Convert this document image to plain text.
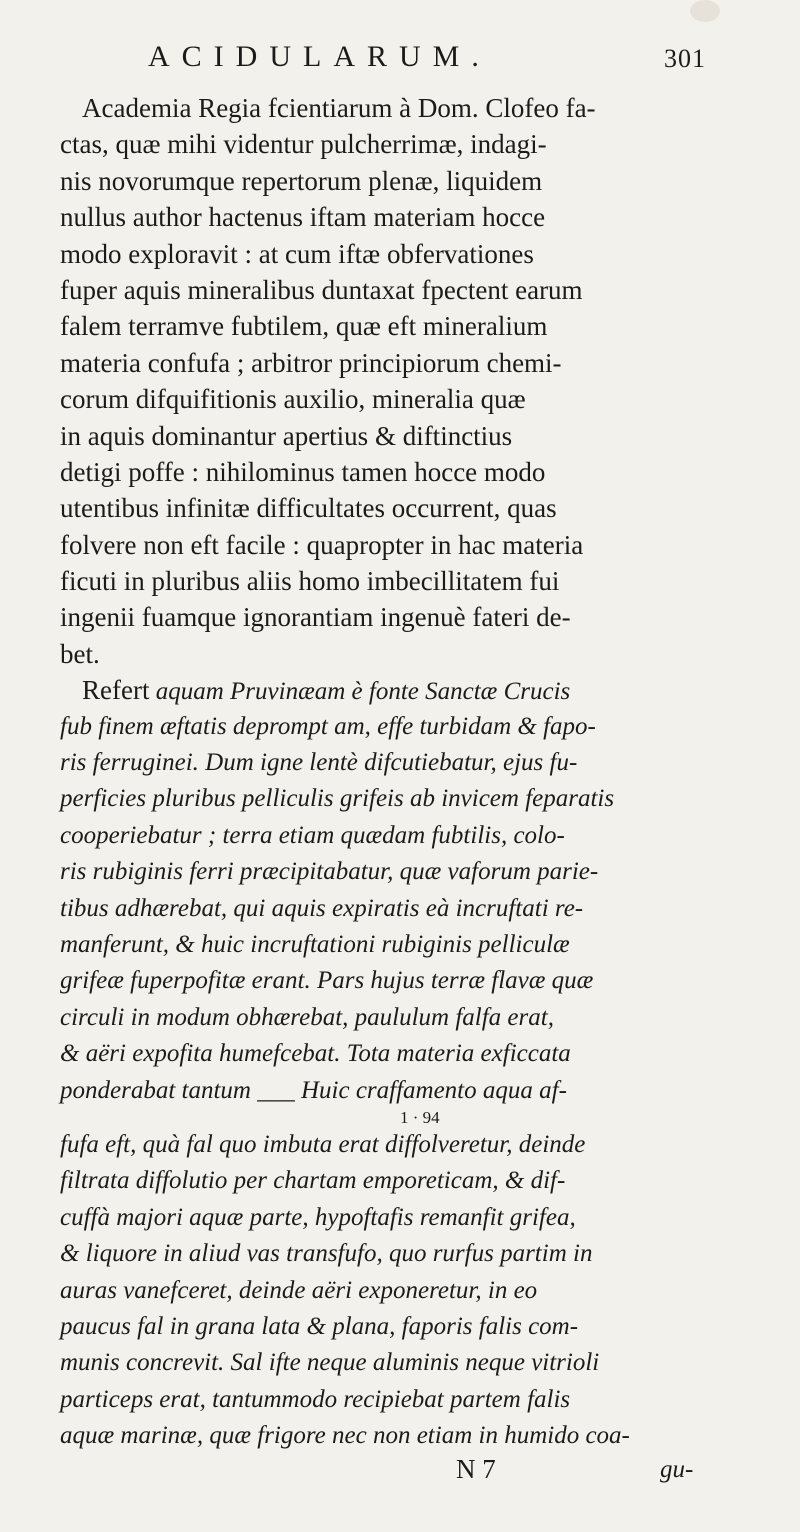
ACIDULARUM.	301
Academia Regia fcientiarum à Dom. Clofeo fa-
ctas, quæ mihi videntur pulcherrimæ, indagi-
nis novorumque repertorum plenæ, liquidem
nullus author hactenus iftam materiam hocce
modo exploravit : at cum iftæ obfervationes
fuper aquis mineralibus duntaxat fpectent earum
falem terramve fubtilem, quæ eft mineralium
materia confufa ; arbitror principiorum chemi-
corum difquifitionis auxilio, mineralia quæ
in aquis dominantur apertius & diftinctius
detigi poffe : nihilominus tamen hocce modo
utentibus infinitæ difficultates occurrent, quas
folvere non eft facile : quapropter in hac materia
ficuti in pluribus aliis homo imbecillitatem fui
ingenii fuamque ignorantiam ingenuè fateri de-
bet.
Refert aquam Pruvinæam è fonte Sanctæ Crucis
fub finem æftatis deprompt am, effe turbidam & fapo-
ris ferruginei. Dum igne lentè difcutiebatur, ejus fu-
perficies pluribus pelliculis grifeis ab invicem feparatis
cooperiebatur ; terra etiam quædam fubtilis, colo-
ris rubiginis ferri præcipitabatur, quæ vaforum parie-
tibus adhærebat, qui aquis expiratis eà incruftati re-
manferunt, & huic incruftationi rubiginis pelliculæ
grifeæ fuperpofitæ erant. Pars hujus terræ flavæ quæ
circuli in modum obhærebat, paululum falfa erat,
& aëri expofita humefcebat. Tota materia exficcata
ponderabat tantum ___ Huic craffamento aqua af-
1 · 94
fufa eft, quà fal quo imbuta erat diffolveretur, deinde
filtrata diffolutio per chartam emporeticam, & dif-
cuffà majori aquæ parte, hypoftafis remanfit grifea,
& liquore in aliud vas transfufo, quo rurfus partim in
auras vanefceret, deinde aëri exponeretur, in eo
paucus fal in grana lata & plana, faporis falis com-
munis concrevit. Sal ifte neque aluminis neque vitrioli
particeps erat, tantummodo recipiebat partem falis
aquæ marinæ, quæ frigore nec non etiam in humido coa-
N 7	gu-
